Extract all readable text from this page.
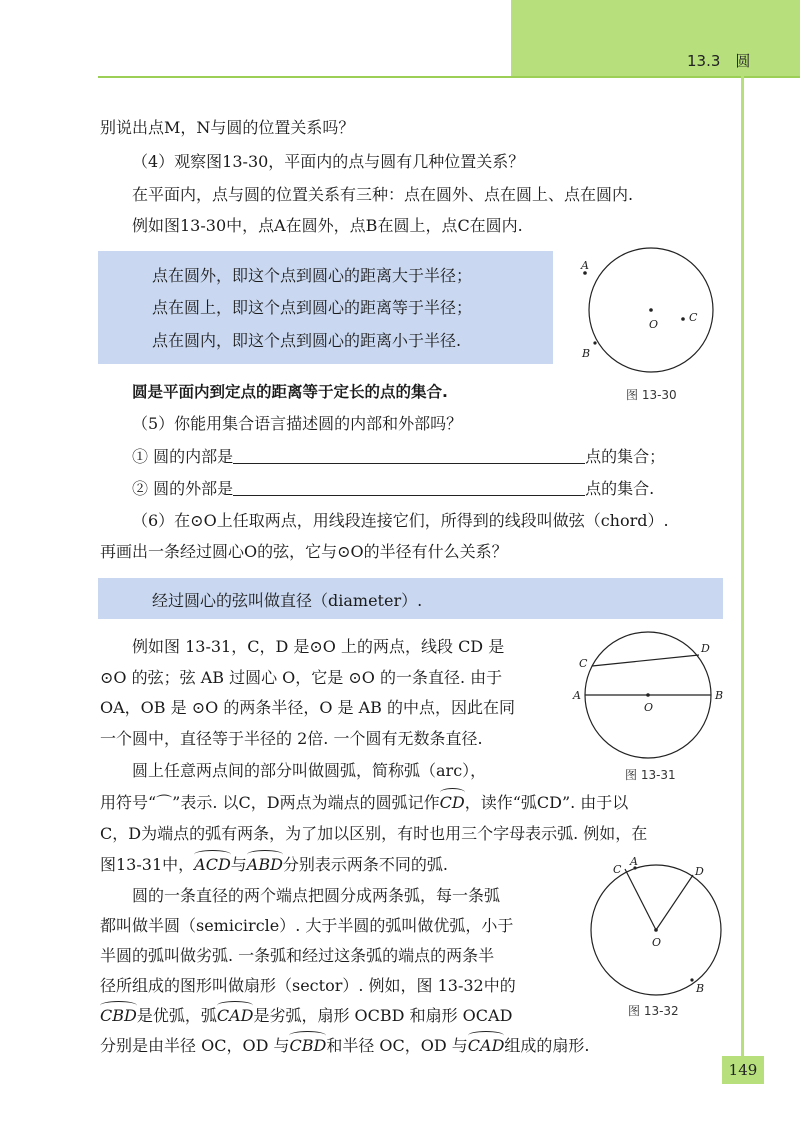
13.3　圆
别说出点M，N与圆的位置关系吗？
（4）观察图13-30，平面内的点与圆有几种位置关系？
在平面内，点与圆的位置关系有三种：点在圆外、点在圆上、点在圆内.
例如图13-30中，点A在圆外，点B在圆上，点C在圆内.
点在圆外，即这个点到圆心的距离大于半径；
点在圆上，即这个点到圆心的距离等于半径；
点在圆内，即这个点到圆心的距离小于半径.
A
B
C
O
图 13-30
圆是平面内到定点的距离等于定长的点的集合.
（5）你能用集合语言描述圆的内部和外部吗？
① 圆的内部是	点的集合；
② 圆的外部是	点的集合.
（6）在⊙O上任取两点，用线段连接它们，所得到的线段叫做弦（chord）.
再画出一条经过圆心O的弦，它与⊙O的半径有什么关系？
经过圆心的弦叫做直径（diameter）.
例如图 13-31，C，D 是⊙O 上的两点，线段 CD 是
⊙O 的弦；弦 AB 过圆心 O，它是 ⊙O 的一条直径. 由于
OA，OB 是 ⊙O 的两条半径，O 是 AB 的中点，因此在同
一个圆中，直径等于半径的 2倍. 一个圆有无数条直径.
A	B
C
D
O
图 13-31
圆上任意两点间的部分叫做圆弧，简称弧（arc），
用符号“⌒”表示. 以C，D两点为端点的圆弧记作CD，读作“弧CD”. 由于以
C，D为端点的弧有两条，为了加以区别，有时也用三个字母表示弧. 例如，在
图13-31中，ACD与ABD分别表示两条不同的弧.
圆的一条直径的两个端点把圆分成两条弧，每一条弧
都叫做半圆（semicircle）. 大于半圆的弧叫做优弧，小于
半圆的弧叫做劣弧. 一条弧和经过这条弧的端点的两条半
径所组成的图形叫做扇形（sector）. 例如，图 13-32中的
CBD是优弧，弧CAD是劣弧，扇形 OCBD 和扇形 OCAD
分别是由半径 OC，OD 与CBD和半径 OC，OD 与CAD组成的扇形.
A
B
C	D
O
图 13-32
149
